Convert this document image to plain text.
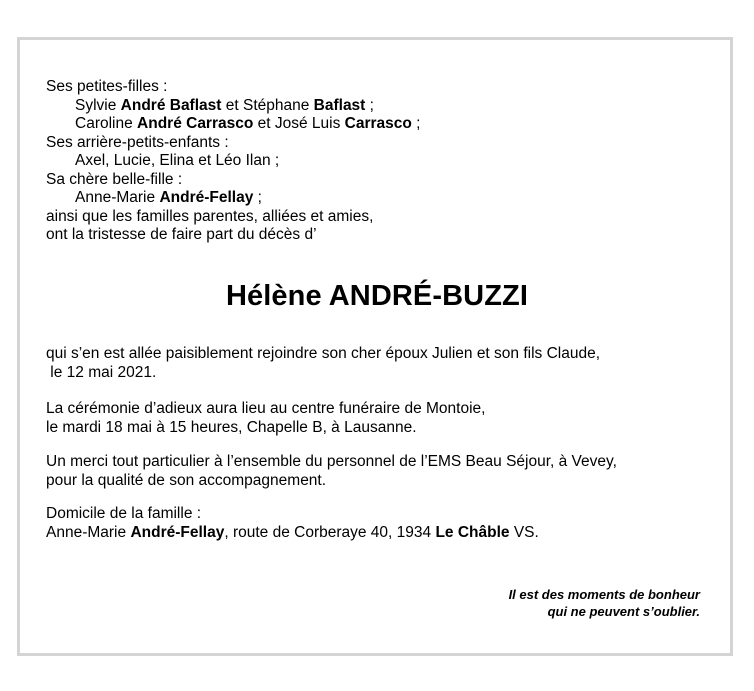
Ses petites-filles :
Sylvie André Baflast et Stéphane Baflast ;
Caroline André Carrasco et José Luis Carrasco ;
Ses arrière-petits-enfants :
Axel, Lucie, Elina et Léo Ilan ;
Sa chère belle-fille :
Anne-Marie André-Fellay ;
ainsi que les familles parentes, alliées et amies,
ont la tristesse de faire part du décès d’
Hélène ANDRÉ-BUZZI
qui s’en est allée paisiblement rejoindre son cher époux Julien et son fils Claude,
le 12 mai 2021.
La cérémonie d’adieux aura lieu au centre funéraire de Montoie,
le mardi 18 mai à 15 heures, Chapelle B, à Lausanne.
Un merci tout particulier à l’ensemble du personnel de l’EMS Beau Séjour, à Vevey,
pour la qualité de son accompagnement.
Domicile de la famille :
Anne-Marie André-Fellay, route de Corberaye 40, 1934 Le Châble VS.
Il est des moments de bonheur
qui ne peuvent s’oublier.
